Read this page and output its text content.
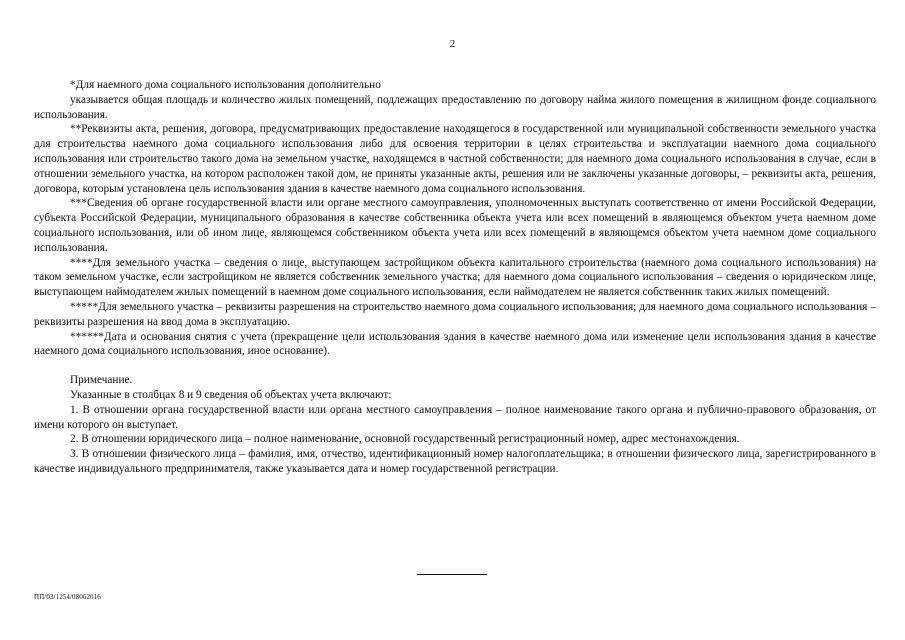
2

*Для наемного дома социального использования дополнительно

указывается общая площадь и количество жилых помещений, подлежащих предоставлению по договору найма жилого помещения в жилищном фонде социального использования.

**Реквизиты акта, решения, договора, предусматривающих предоставление находящегося в государственной или муниципальной собственности земельного участка для строительства наемного дома социального использования либо для освоения территории в целях строительства и эксплуатации наемного дома социального использования или строительство такого дома на земельном участке, находящемся в частной собственности; для наемного дома социального использования в случае, если в отношении земельного участка, на котором расположен такой дом, не приняты указанные акты, решения или не заключены указанные договоры, – реквизиты акта, решения, договора, которым установлена цель использования здания в качестве наемного дома социального использования.

***Сведения об органе государственной власти или органе местного самоуправления, уполномоченных выступать соответственно от имени Российской Федерации, субъекта Российской Федерации, муниципального образования в качестве собственника объекта учета или всех помещений в являющемся объектом учета наемном доме социального использования, или об ином лице, являющемся собственником объекта учета или всех помещений в являющемся объектом учета наемном доме социального использования.

****Для земельного участка – сведения о лице, выступающем застройщиком объекта капитального строительства (наемного дома социального использования) на таком земельном участке, если застройщиком не является собственник земельного участка; для наемного дома социального использования – сведения о юридическом лице, выступающем наймодателем жилых помещений в наемном доме социального использования, если наймодателем не является собственник таких жилых помещений.

*****Для земельного участка – реквизиты разрешения на строительство наемного дома социального использования; для наемного дома социального использования – реквизиты разрешения на ввод дома в эксплуатацию.

******Дата и основания снятия с учета (прекращение цели использования здания в качестве наемного дома или изменение цели использования здания в качестве наемного дома социального использования, иное основание).

Примечание.

Указанные в столбцах 8 и 9 сведения об объектах учета включают:

1. В отношении органа государственной власти или органа местного самоуправления – полное наименование такого органа и публично-правового образования, от имени которого он выступает.

2. В отношении юридического лица – полное наименование, основной государственный регистрационный номер, адрес местонахождения.

3. В отношении физического лица – фамилия, имя, отчество, идентификационный номер налогоплательщика; в отношении физического лица, зарегистрированного в качестве индивидуального предпринимателя, также указывается дата и номер государственной регистрации.

ПП/03/1254/08062016
